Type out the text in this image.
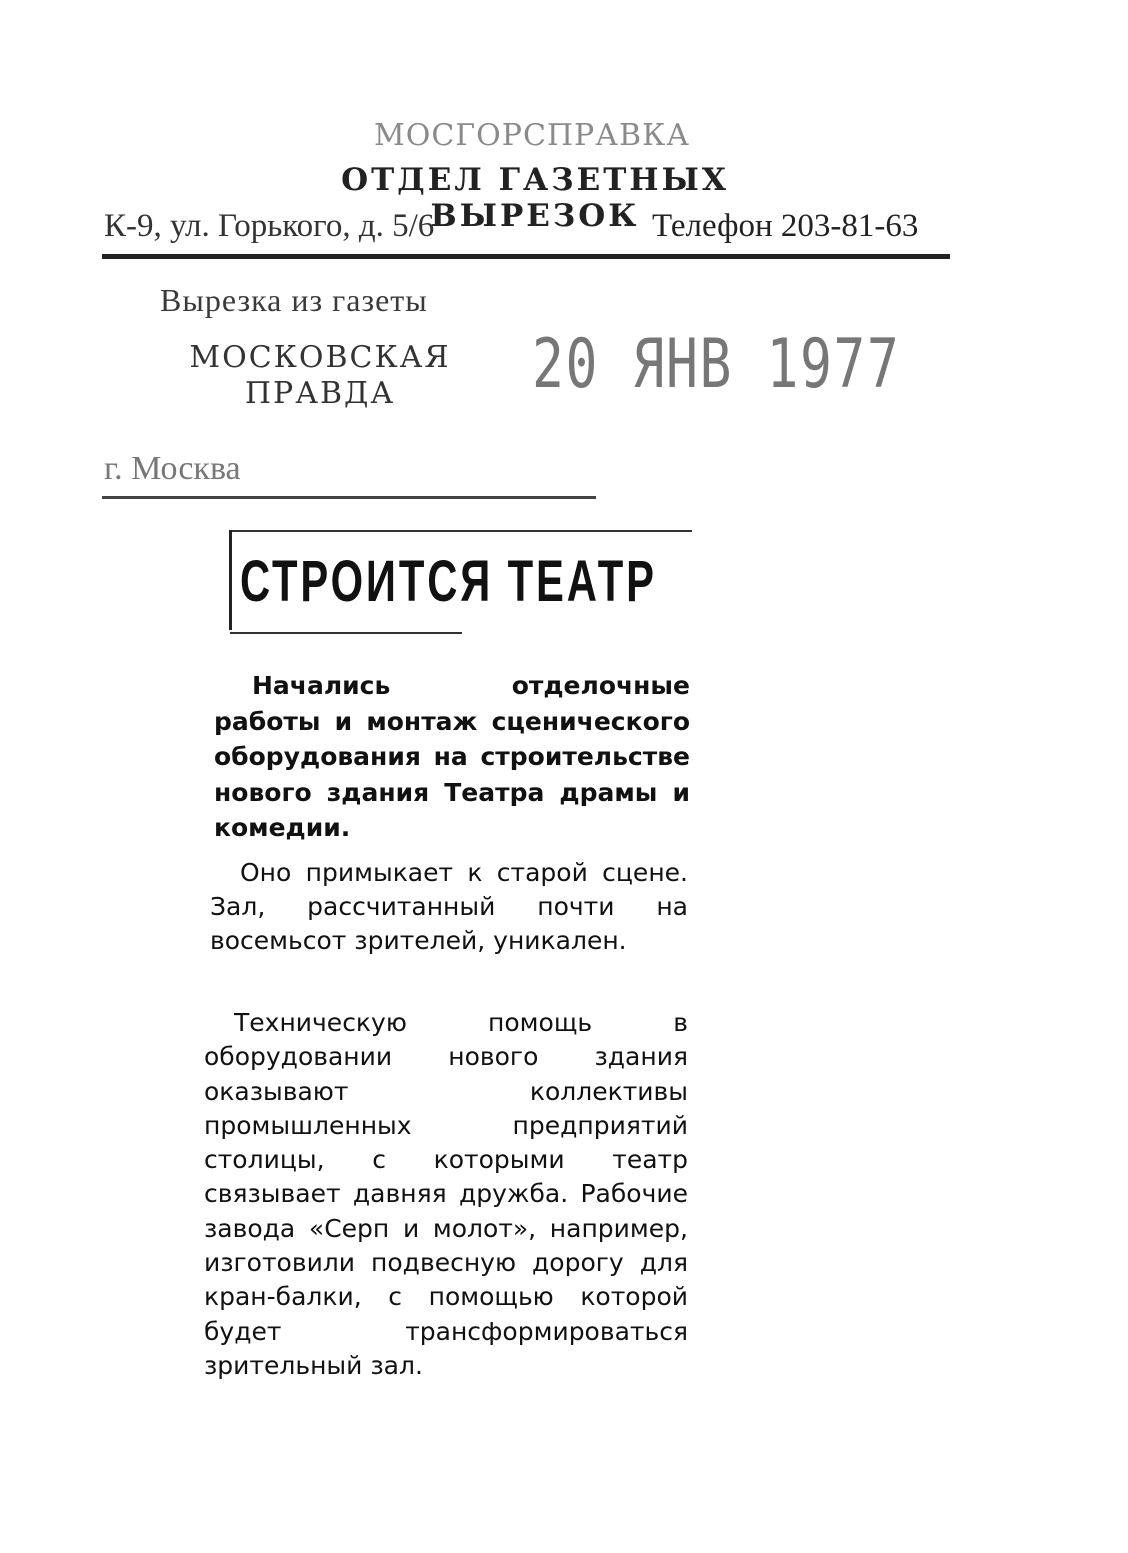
МОСГОРСПРАВКА
ОТДЕЛ ГАЗЕТНЫХ ВЫРЕЗОК
К-9, ул. Горького, д. 5/6	Телефон 203-81-63
Вырезка из газеты
МОСКОВСКАЯ ПРАВДА	20 ЯНВ 1977
г. Москва
СТРОИТСЯ ТЕАТР

Начались отделочные работы и монтаж сценического оборудования на строительстве нового здания Театра драмы и комедии.

Оно примыкает к старой сцене. Зал, рассчитанный почти на восемьсот зрителей, уникален.

Техническую помощь в оборудовании нового здания оказывают коллективы промышленных предприятий столицы, с которыми театр связывает давняя дружба. Рабочие завода «Серп и молот», например, изготовили подвесную дорогу для кран-балки, с помощью которой будет трансформироваться зрительный зал.
